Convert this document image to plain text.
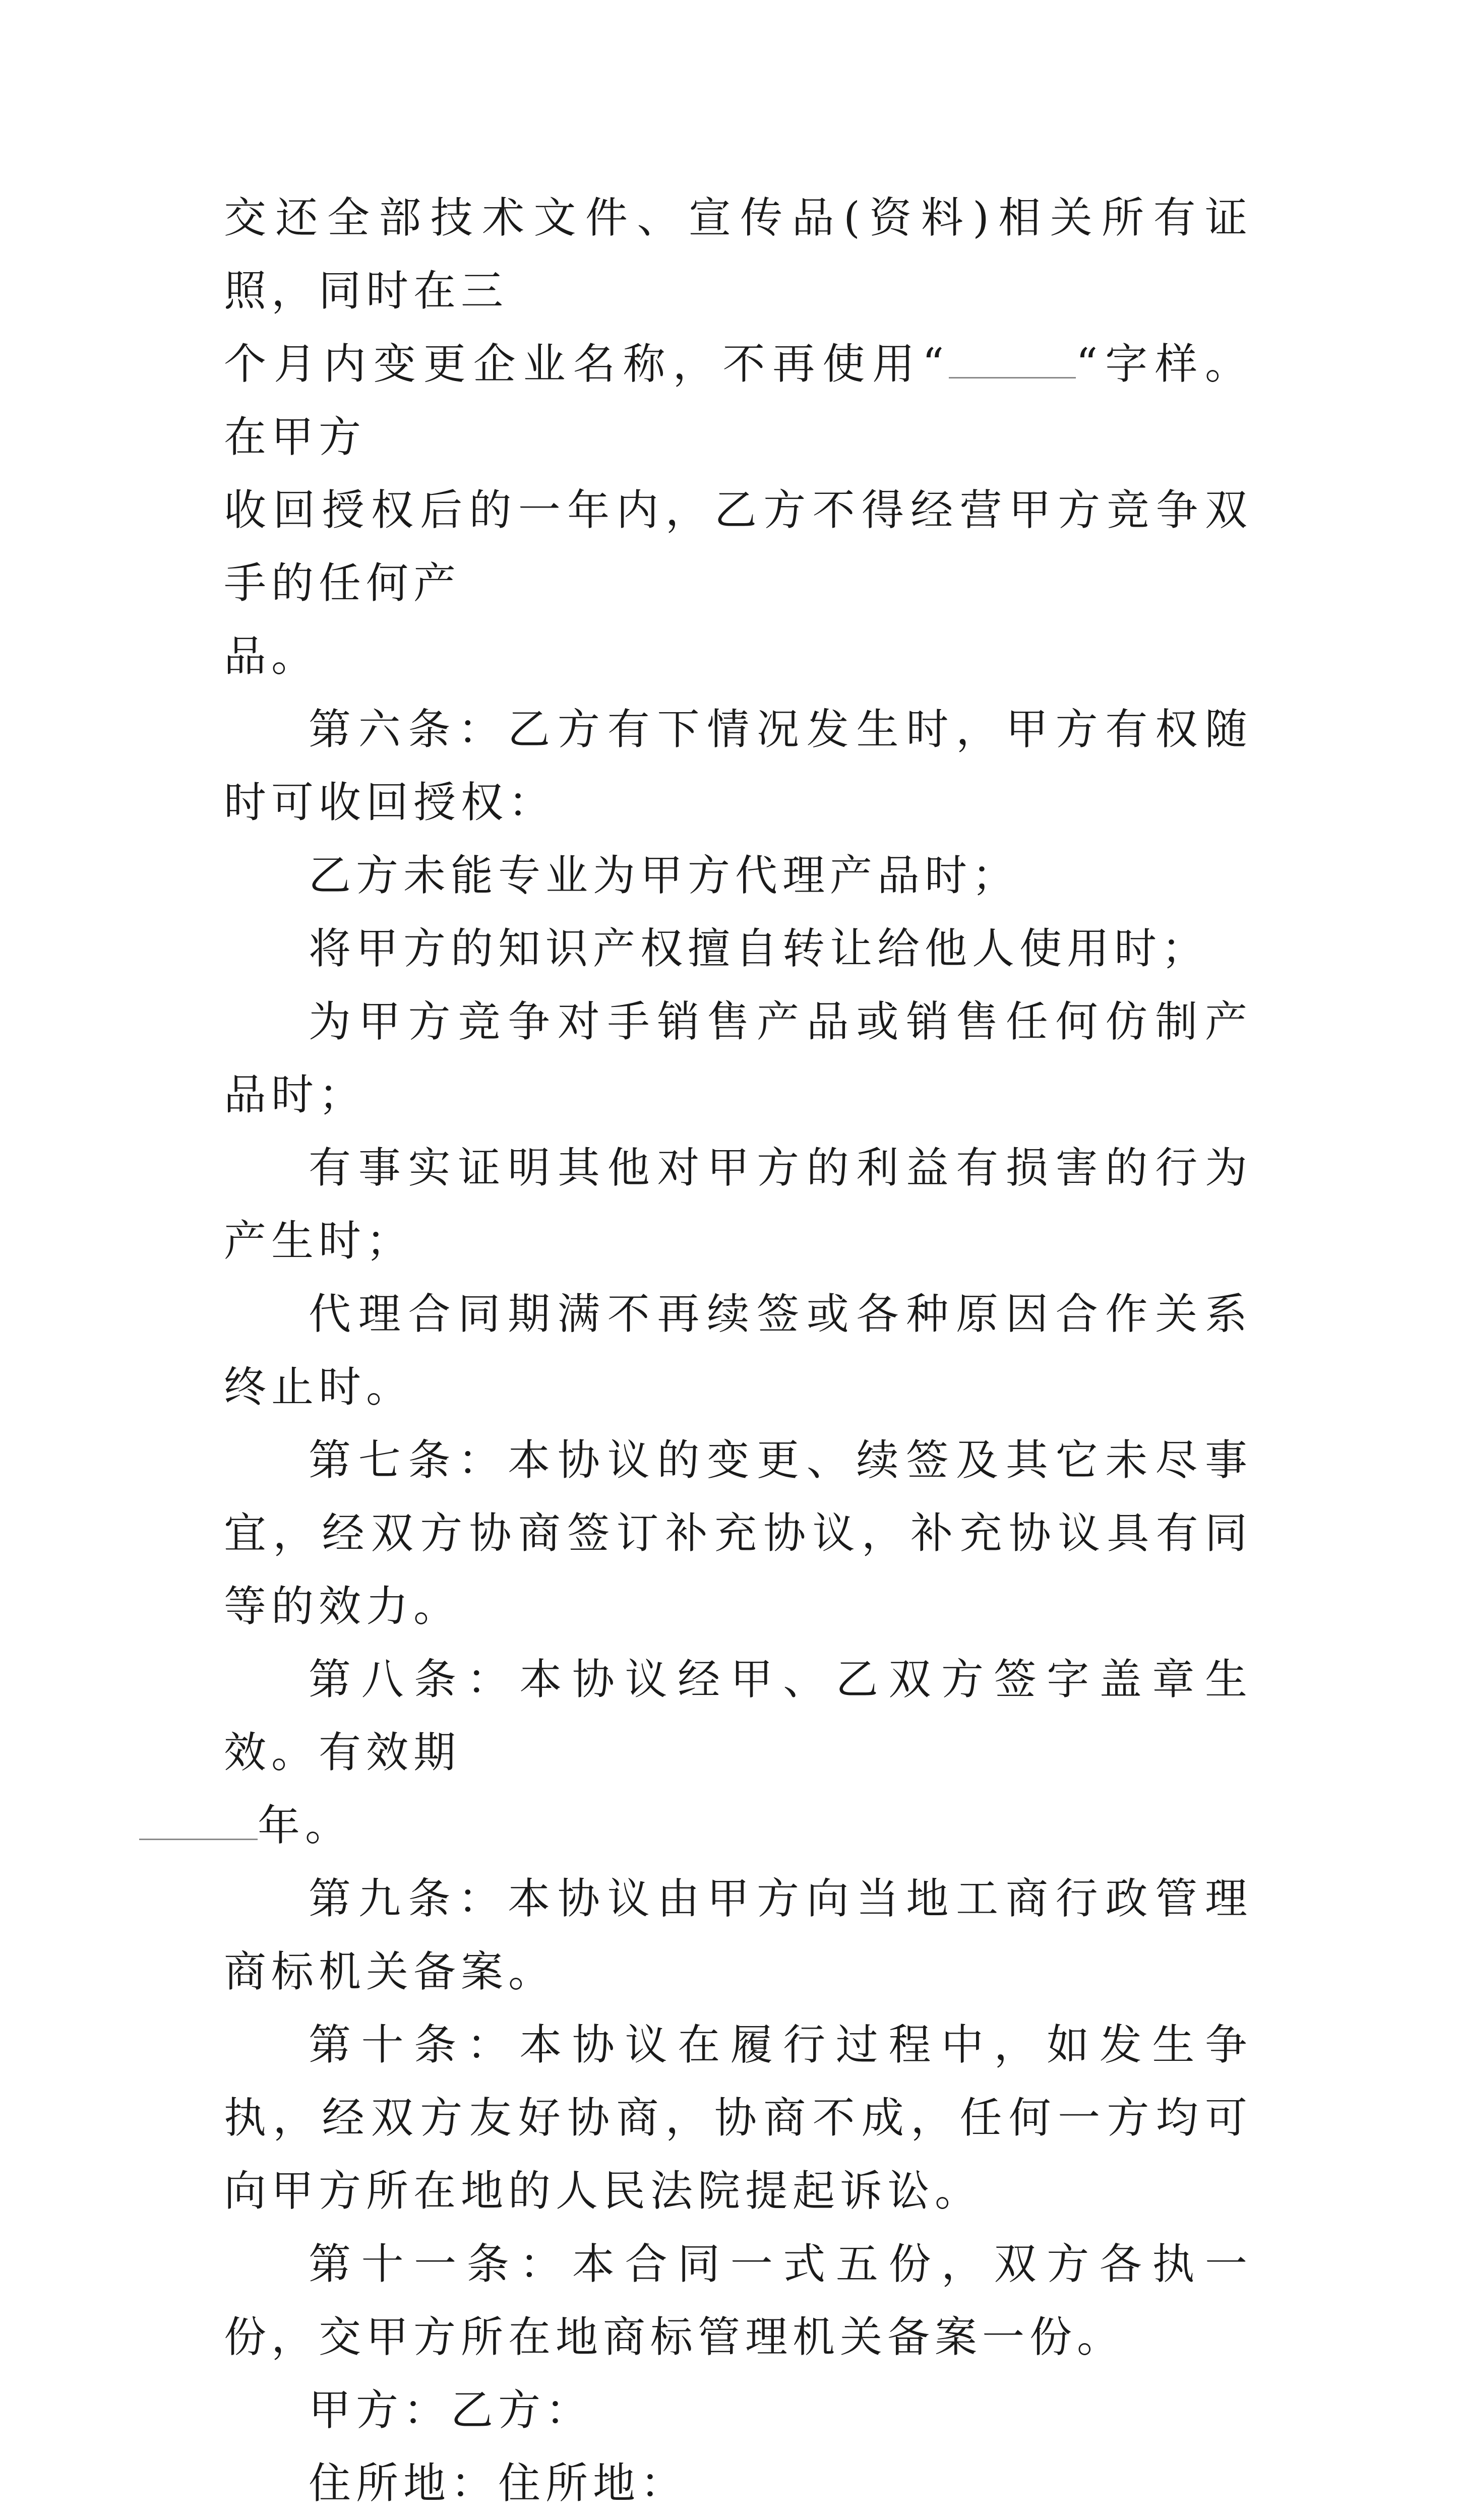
交还全部技术文件、宣传品(资料)相关所有证照，同时在三
个月内变更企业名称，不再使用“	“字样。在甲方
收回授权后的一年内，乙方不得经营甲方竞争双手的任何产
品。

第六条：乙方有下情况发生时，甲方有权随时可收回授权：

乙方未能专业为甲方代理产品时；

将甲方的知识产权擅自转让给他人使用时；

为甲方竞争对手销售产品或销售任何仿制产品时；

有事实证明其他对甲方的利益有损害的行为产生时；

代理合同期满不再续签或各种原因合作关系终止时。

第七条：本协议的变更、续签及其它未尽事宜，经双方协商签订补充协议，补充协议具有同等的效力。

第八条：本协议经甲、乙双方签字盖章生效。有效期
年。

第九条：本协议由甲方向当地工商行政管理商标机关备案。

第十条：本协议在履行过程中，如发生争执，经双方友好协商，协商不成，任何一方均可向甲方所在地的人民法院提起诉讼。

第十一条：本合同一式五份，双方各执一份，交甲方所在地商标管理机关备案一份。

甲方：乙方：

住所地：住所地：
